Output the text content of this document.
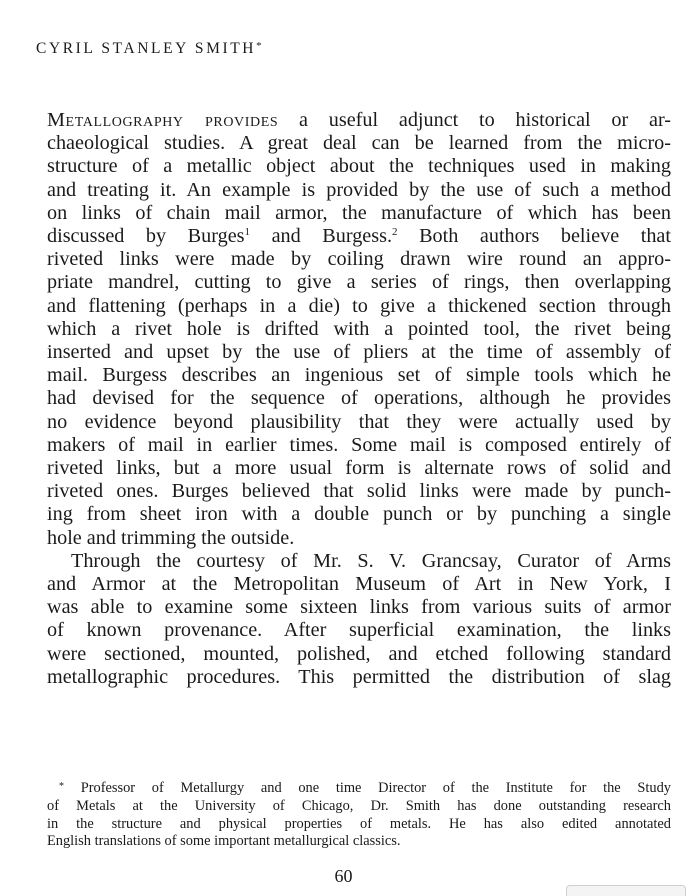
CYRIL STANLEY SMITH*
Metallography provides a useful adjunct to historical or ar-
chaeological studies. A great deal can be learned from the micro-
structure of a metallic object about the techniques used in making
and treating it. An example is provided by the use of such a method
on links of chain mail armor, the manufacture of which has been
discussed by Burges$^1$ and Burgess.$^2$ Both authors believe that
riveted links were made by coiling drawn wire round an appro-
priate mandrel, cutting to give a series of rings, then overlapping
and flattening (perhaps in a die) to give a thickened section through
which a rivet hole is drifted with a pointed tool, the rivet being
inserted and upset by the use of pliers at the time of assembly of
mail. Burgess describes an ingenious set of simple tools which he
had devised for the sequence of operations, although he provides
no evidence beyond plausibility that they were actually used by
makers of mail in earlier times. Some mail is composed entirely of
riveted links, but a more usual form is alternate rows of solid and
riveted ones. Burges believed that solid links were made by punch-
ing from sheet iron with a double punch or by punching a single
hole and trimming the outside.
Through the courtesy of Mr. S. V. Grancsay, Curator of Arms
and Armor at the Metropolitan Museum of Art in New York, I
was able to examine some sixteen links from various suits of armor
of known provenance. After superficial examination, the links
were sectioned, mounted, polished, and etched following standard
metallographic procedures. This permitted the distribution of slag
* Professor of Metallurgy and one time Director of the Institute for the Study
of Metals at the University of Chicago, Dr. Smith has done outstanding research
in the structure and physical properties of metals. He has also edited annotated
English translations of some important metallurgical classics.
60
